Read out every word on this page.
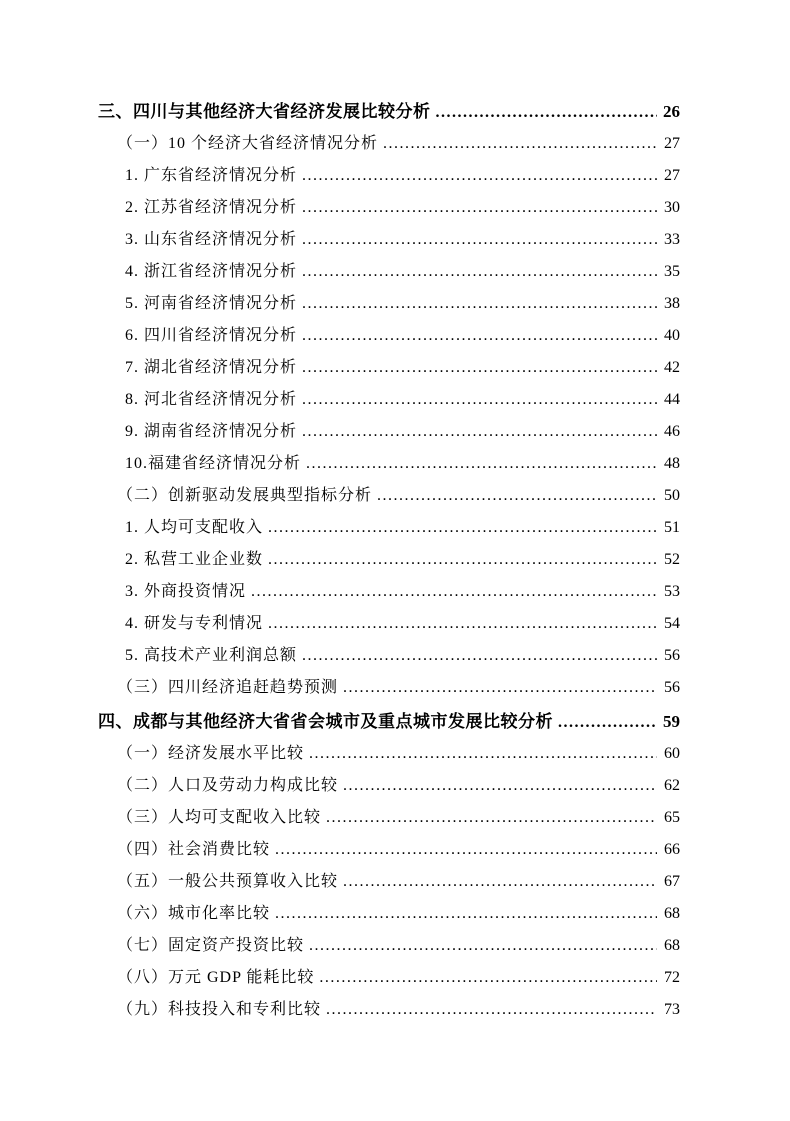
三、四川与其他经济大省经济发展比较分析 .....	26
（一）10 个经济大省经济情况分析 .....	27
1. 广东省经济情况分析 .....	27
2. 江苏省经济情况分析 .....	30
3. 山东省经济情况分析 .....	33
4. 浙江省经济情况分析 .....	35
5. 河南省经济情况分析 .....	38
6. 四川省经济情况分析 .....	40
7. 湖北省经济情况分析 .....	42
8. 河北省经济情况分析 .....	44
9. 湖南省经济情况分析 .....	46
10.福建省经济情况分析 .....	48
（二）创新驱动发展典型指标分析 .....	50
1. 人均可支配收入 .....	51
2. 私营工业企业数 .....	52
3. 外商投资情况 .....	53
4. 研发与专利情况 .....	54
5. 高技术产业利润总额 .....	56
（三）四川经济追赶趋势预测 .....	56
四、成都与其他经济大省省会城市及重点城市发展比较分析 .....	59
（一）经济发展水平比较 .....	60
（二）人口及劳动力构成比较 .....	62
（三）人均可支配收入比较 .....	65
（四）社会消费比较 .....	66
（五）一般公共预算收入比较 .....	67
（六）城市化率比较 .....	68
（七）固定资产投资比较 .....	68
（八）万元 GDP 能耗比较 .....	72
（九）科技投入和专利比较 .....	73
